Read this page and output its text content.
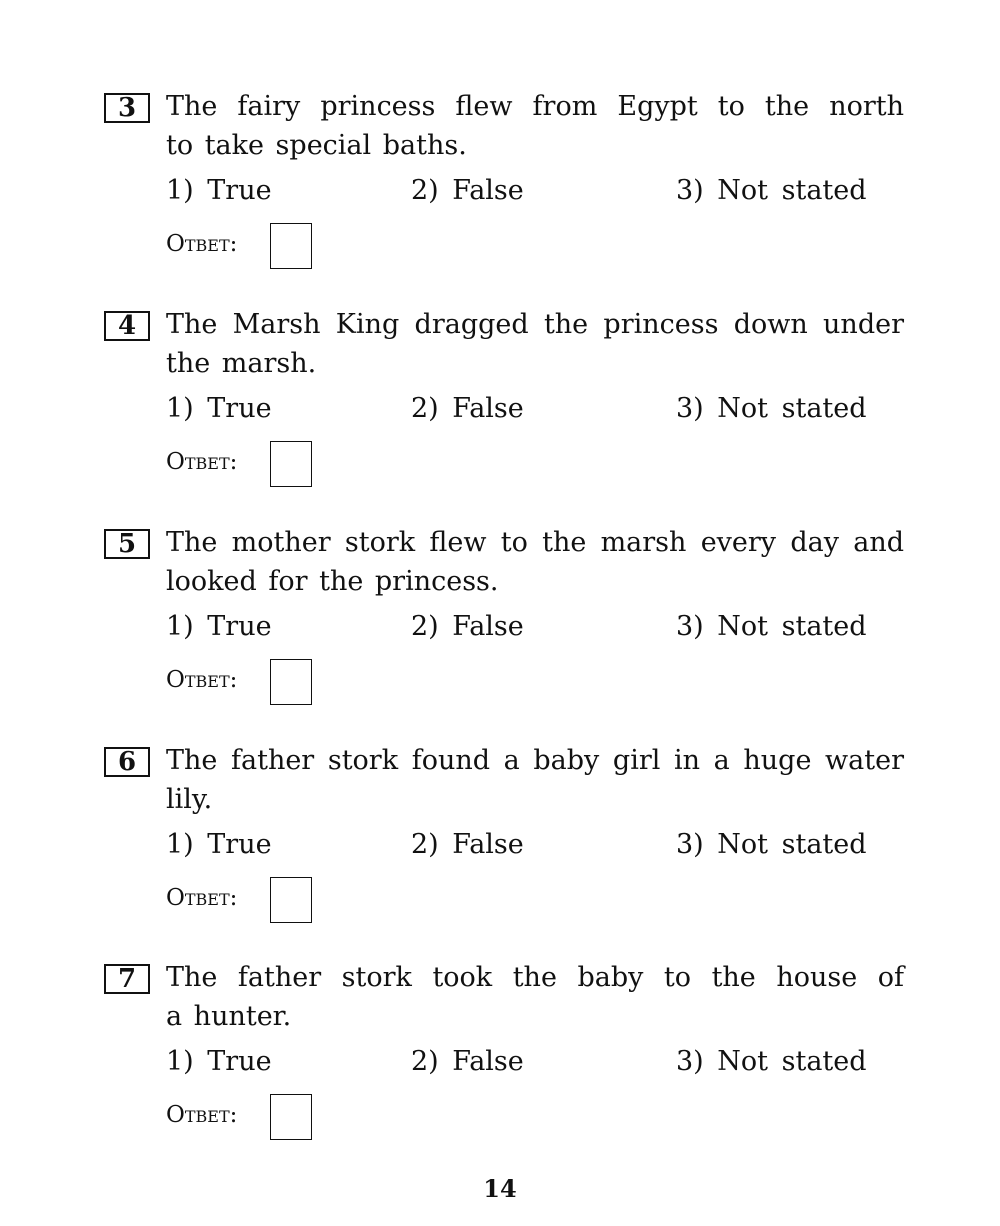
3	The fairy princess flew from Egypt to the north
to take special baths.
1) True	2) False	3) Not stated
Ответ:
4	The Marsh King dragged the princess down under
the marsh.
1) True	2) False	3) Not stated
Ответ:
5	The mother stork flew to the marsh every day and
looked for the princess.
1) True	2) False	3) Not stated
Ответ:
6	The father stork found a baby girl in a huge water
lily.
1) True	2) False	3) Not stated
Ответ:
7	The father stork took the baby to the house of
a hunter.
1) True	2) False	3) Not stated
Ответ:
14
